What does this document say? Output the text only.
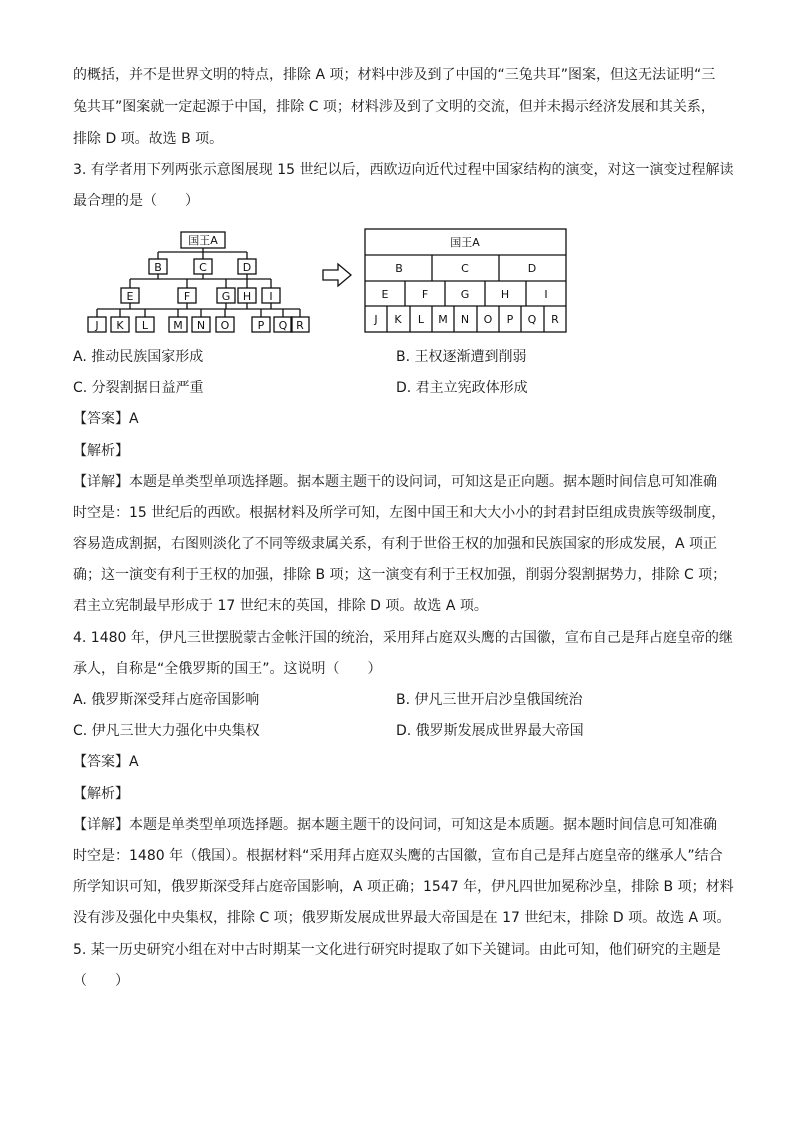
的概括，并不是世界文明的特点，排除 A 项；材料中涉及到了中国的“三兔共耳”图案，但这无法证明“三
兔共耳”图案就一定起源于中国，排除 C 项；材料涉及到了文明的交流，但并未揭示经济发展和其关系，
排除 D 项。故选 B 项。
3. 有学者用下列两张示意图展现 15 世纪以后，西欧迈向近代过程中国家结构的演变，对这一演变过程解读
最合理的是（　　）
国王A
B	C	D
E	F	G H I
J K L M N O	P Q R
国王A
B	C	D
E	F	G	H	I
J K L M N O P Q R
A. 推动民族国家形成	B. 王权逐渐遭到削弱
C. 分裂割据日益严重	D. 君主立宪政体形成
【答案】A
【解析】
【详解】本题是单类型单项选择题。据本题主题干的设问词，可知这是正向题。据本题时间信息可知准确
时空是：15 世纪后的西欧。根据材料及所学可知，左图中国王和大大小小的封君封臣组成贵族等级制度，
容易造成割据，右图则淡化了不同等级隶属关系，有利于世俗王权的加强和民族国家的形成发展，A 项正
确；这一演变有利于王权的加强，排除 B 项；这一演变有利于王权加强，削弱分裂割据势力，排除 C 项；
君主立宪制最早形成于 17 世纪末的英国，排除 D 项。故选 A 项。
4. 1480 年，伊凡三世摆脱蒙古金帐汗国的统治，采用拜占庭双头鹰的古国徽，宣布自己是拜占庭皇帝的继
承人，自称是“全俄罗斯的国王”。这说明（　　）
A. 俄罗斯深受拜占庭帝国影响	B. 伊凡三世开启沙皇俄国统治
C. 伊凡三世大力强化中央集权	D. 俄罗斯发展成世界最大帝国
【答案】A
【解析】
【详解】本题是单类型单项选择题。据本题主题干的设问词，可知这是本质题。据本题时间信息可知准确
时空是：1480 年（俄国）。根据材料“采用拜占庭双头鹰的古国徽，宣布自己是拜占庭皇帝的继承人”结合
所学知识可知，俄罗斯深受拜占庭帝国影响，A 项正确；1547 年，伊凡四世加冕称沙皇，排除 B 项；材料
没有涉及强化中央集权，排除 C 项；俄罗斯发展成世界最大帝国是在 17 世纪末，排除 D 项。故选 A 项。
5. 某一历史研究小组在对中古时期某一文化进行研究时提取了如下关键词。由此可知，他们研究的主题是
（　　）
